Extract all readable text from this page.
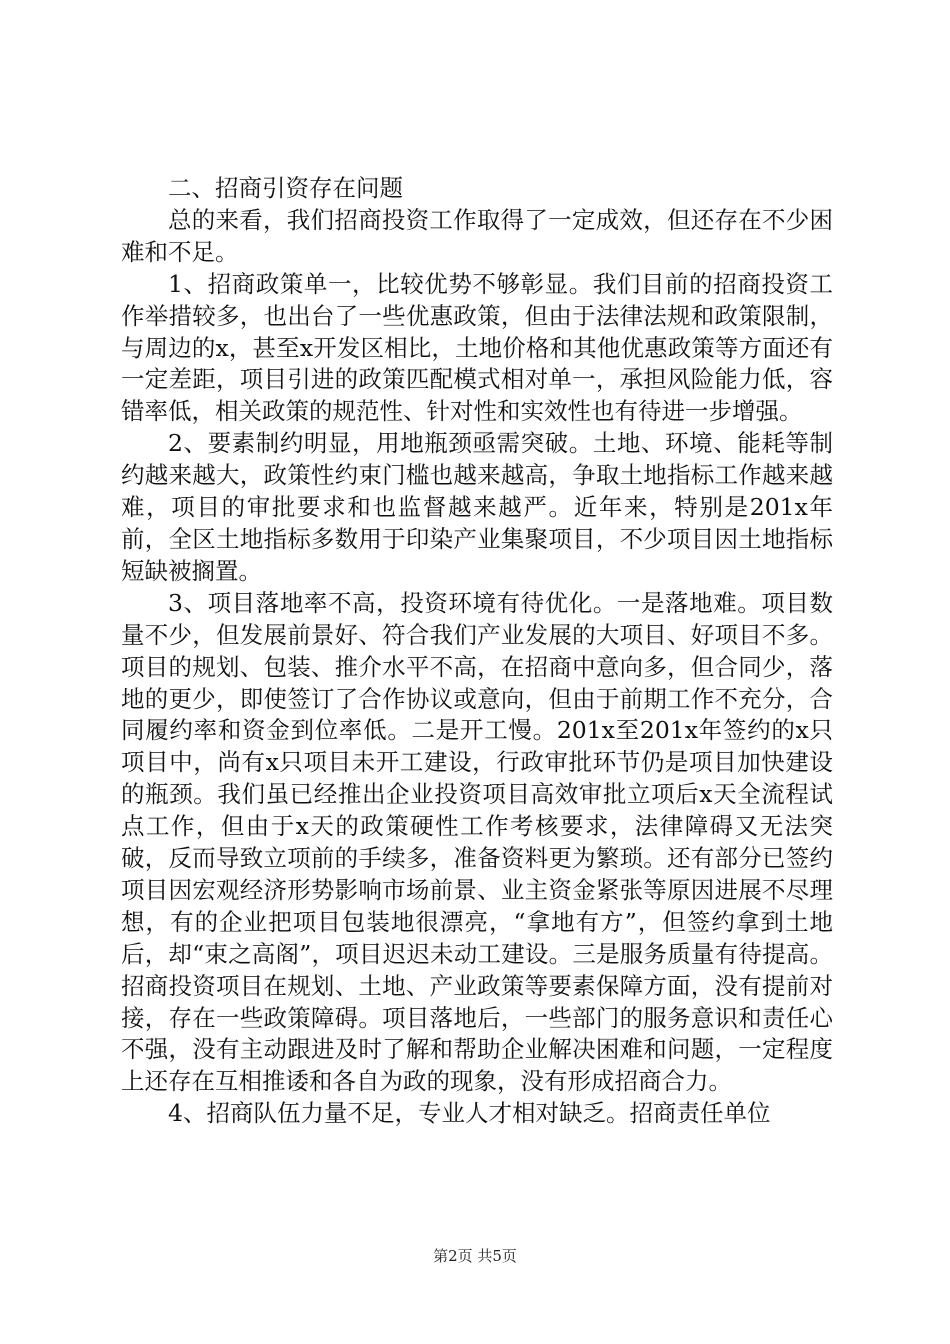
二、招商引资存在问题

总的来看，我们招商投资工作取得了一定成效，但还存在不少困难和不足。

1、招商政策单一，比较优势不够彰显。我们目前的招商投资工作举措较多，也出台了一些优惠政策，但由于法律法规和政策限制，与周边的x，甚至x开发区相比，土地价格和其他优惠政策等方面还有一定差距，项目引进的政策匹配模式相对单一，承担风险能力低，容错率低，相关政策的规范性、针对性和实效性也有待进一步增强。

2、要素制约明显，用地瓶颈亟需突破。土地、环境、能耗等制约越来越大，政策性约束门槛也越来越高，争取土地指标工作越来越难，项目的审批要求和也监督越来越严。近年来，特别是201x年前，全区土地指标多数用于印染产业集聚项目，不少项目因土地指标短缺被搁置。

3、项目落地率不高，投资环境有待优化。一是落地难。项目数量不少，但发展前景好、符合我们产业发展的大项目、好项目不多。项目的规划、包装、推介水平不高，在招商中意向多，但合同少，落地的更少，即使签订了合作协议或意向，但由于前期工作不充分，合同履约率和资金到位率低。二是开工慢。201x至201x年签约的x只项目中，尚有x只项目未开工建设，行政审批环节仍是项目加快建设的瓶颈。我们虽已经推出企业投资项目高效审批立项后x天全流程试点工作，但由于x天的政策硬性工作考核要求，法律障碍又无法突破，反而导致立项前的手续多，准备资料更为繁琐。还有部分已签约项目因宏观经济形势影响市场前景、业主资金紧张等原因进展不尽理想，有的企业把项目包装地很漂亮，“拿地有方”，但签约拿到土地后，却“束之高阁”，项目迟迟未动工建设。三是服务质量有待提高。招商投资项目在规划、土地、产业政策等要素保障方面，没有提前对接，存在一些政策障碍。项目落地后，一些部门的服务意识和责任心不强，没有主动跟进及时了解和帮助企业解决困难和问题，一定程度上还存在互相推诿和各自为政的现象，没有形成招商合力。

4、招商队伍力量不足，专业人才相对缺乏。招商责任单位

第2页 共5页
